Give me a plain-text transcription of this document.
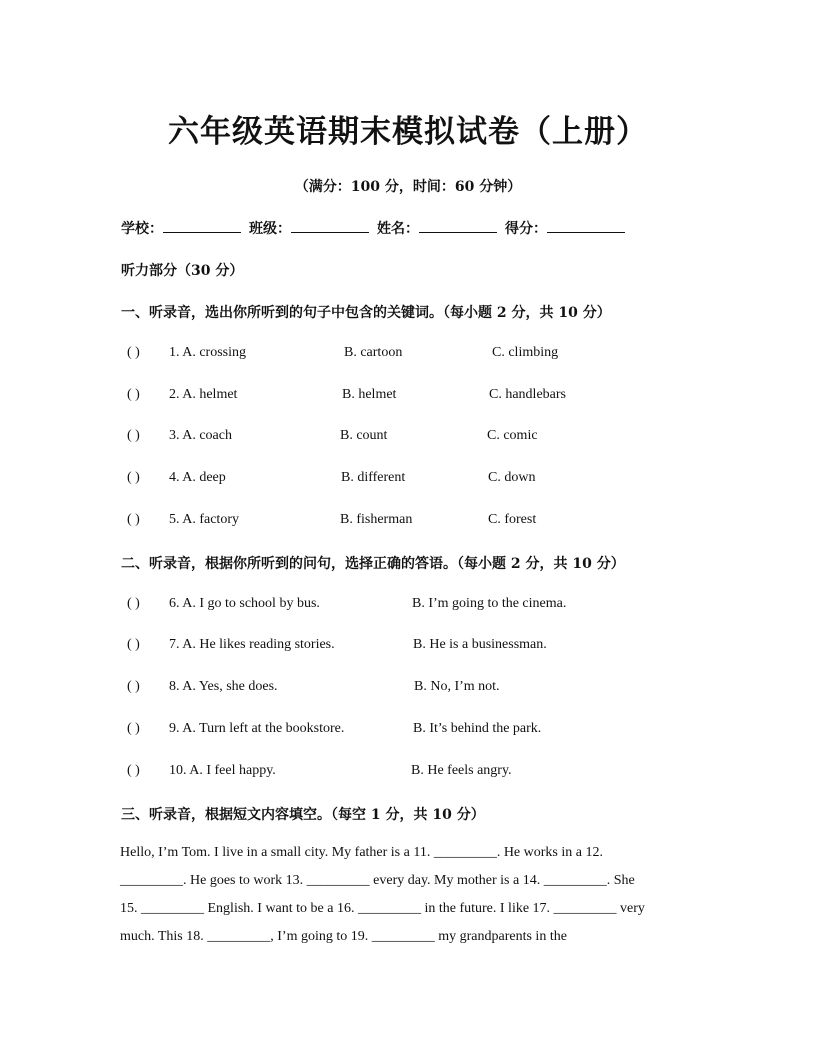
六年级英语期末模拟试卷（上册）
（满分：100 分，时间：60 分钟）
学校：	班级：	姓名：	得分：
听力部分（30 分）
一、听录音，选出你所听到的句子中包含的关键词。（每小题 2 分，共 10 分）
( ) 1. A. crossing	B. cartoon	C. climbing
( ) 2. A. helmet	B. helmet	C. handlebars
( ) 3. A. coach	B. count	C. comic
( ) 4. A. deep	B. different	C. down
( ) 5. A. factory	B. fisherman	C. forest
二、听录音，根据你所听到的问句，选择正确的答语。（每小题 2 分，共 10 分）
( ) 6. A. I go to school by bus.	B. I’m going to the cinema.
( ) 7. A. He likes reading stories.	B. He is a businessman.
( ) 8. A. Yes, she does.	B. No, I’m not.
( ) 9. A. Turn left at the bookstore.	B. It’s behind the park.
( ) 10. A. I feel happy.	B. He feels angry.
三、听录音，根据短文内容填空。（每空 1 分，共 10 分）
Hello, I’m Tom. I live in a small city. My father is a 11. _________. He works in a 12.
_________. He goes to work 13. _________ every day. My mother is a 14. _________. She
15. _________ English. I want to be a 16. _________ in the future. I like 17. _________ very
much. This 18. _________, I’m going to 19. _________ my grandparents in the
